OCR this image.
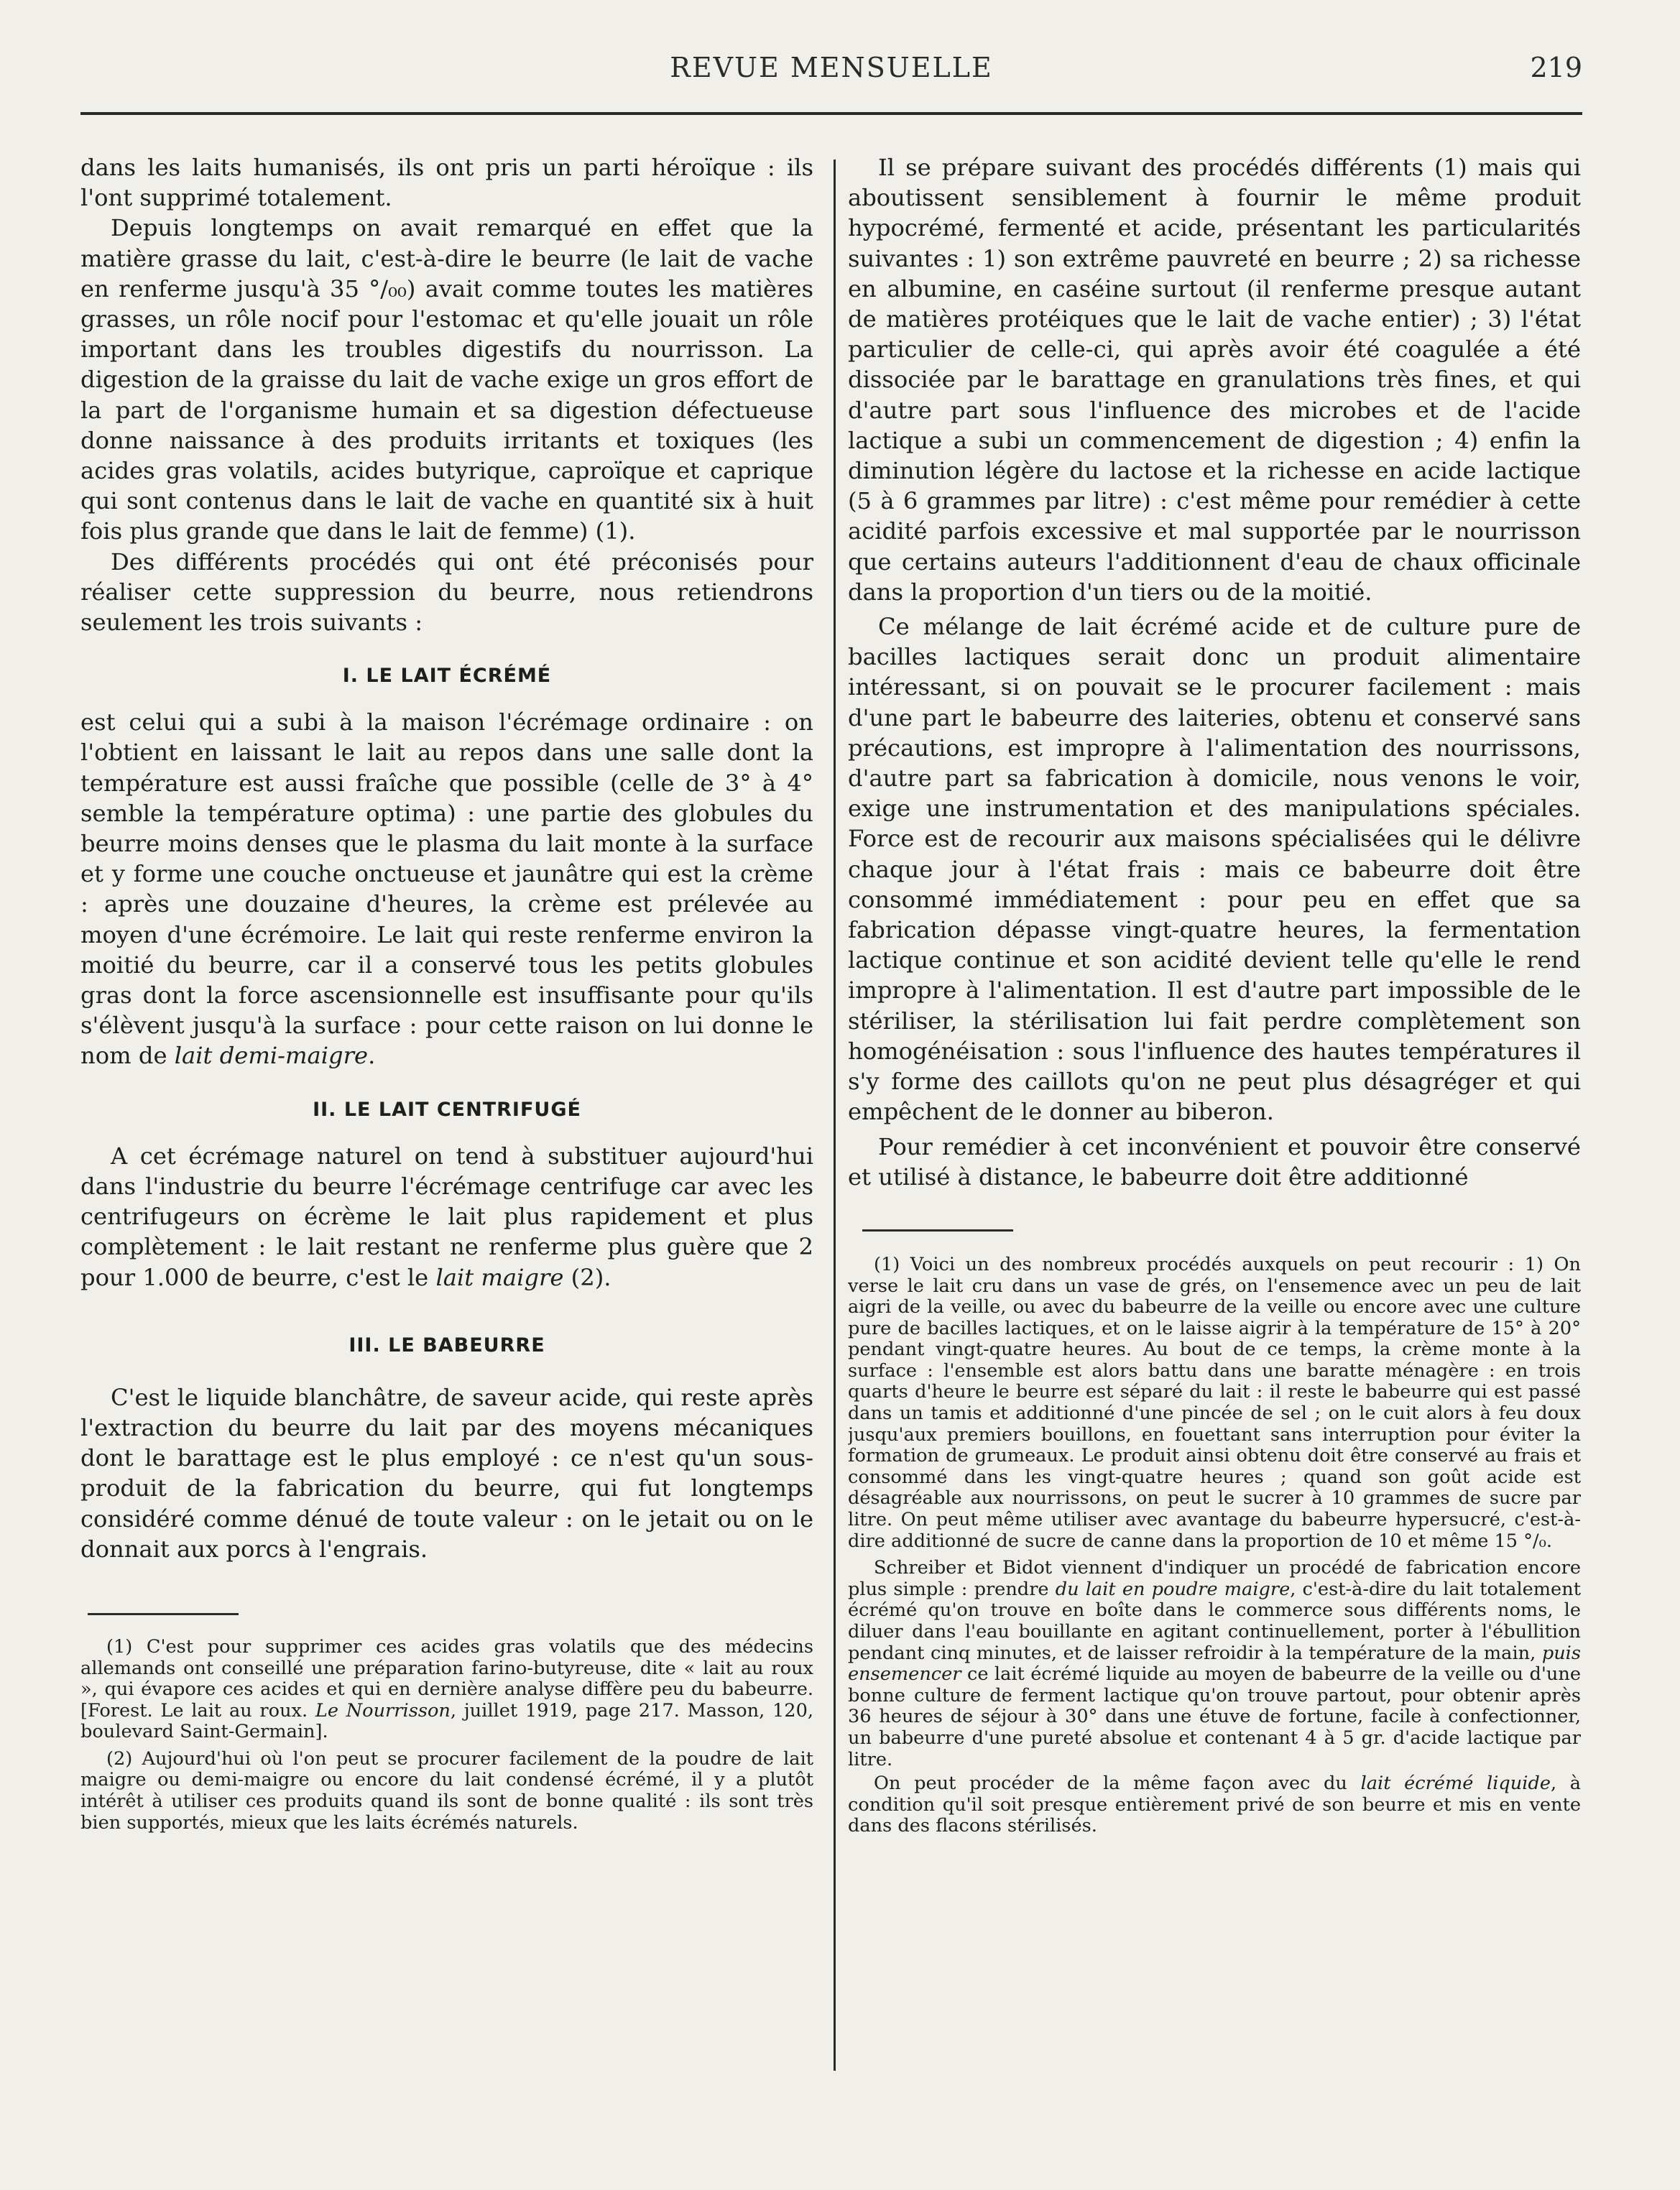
REVUE MENSUELLE	219

dans les laits humanisés, ils ont pris un parti héroïque : ils l'ont supprimé totalement.

Depuis longtemps on avait remarqué en effet que la matière grasse du lait, c'est-à-dire le beurre (le lait de vache en renferme jusqu'à 35 °/₀₀) avait comme toutes les matières grasses, un rôle nocif pour l'estomac et qu'elle jouait un rôle important dans les troubles digestifs du nourrisson. La digestion de la graisse du lait de vache exige un gros effort de la part de l'organisme humain et sa digestion défectueuse donne naissance à des produits irritants et toxiques (les acides gras volatils, acides butyrique, caproïque et caprique qui sont contenus dans le lait de vache en quantité six à huit fois plus grande que dans le lait de femme) (1).

Des différents procédés qui ont été préconisés pour réaliser cette suppression du beurre, nous retiendrons seulement les trois suivants :

I. LE LAIT ÉCRÉMÉ

est celui qui a subi à la maison l'écrémage ordinaire : on l'obtient en laissant le lait au repos dans une salle dont la température est aussi fraîche que possible (celle de 3° à 4° semble la température optima) : une partie des globules du beurre moins denses que le plasma du lait monte à la surface et y forme une couche onctueuse et jaunâtre qui est la crème : après une douzaine d'heures, la crème est prélevée au moyen d'une écrémoire. Le lait qui reste renferme environ la moitié du beurre, car il a conservé tous les petits globules gras dont la force ascensionnelle est insuffisante pour qu'ils s'élèvent jusqu'à la surface : pour cette raison on lui donne le nom de lait demi-maigre.

II. LE LAIT CENTRIFUGÉ

A cet écrémage naturel on tend à substituer aujourd'hui dans l'industrie du beurre l'écrémage centrifuge car avec les centrifugeurs on écrème le lait plus rapidement et plus complètement : le lait restant ne renferme plus guère que 2 pour 1.000 de beurre, c'est le lait maigre (2).

III. LE BABEURRE

C'est le liquide blanchâtre, de saveur acide, qui reste après l'extraction du beurre du lait par des moyens mécaniques dont le barattage est le plus employé : ce n'est qu'un sous-produit de la fabrication du beurre, qui fut longtemps considéré comme dénué de toute valeur : on le jetait ou on le donnait aux porcs à l'engrais.

(1) C'est pour supprimer ces acides gras volatils que des médecins allemands ont conseillé une préparation farino-butyreuse, dite « lait au roux », qui évapore ces acides et qui en dernière analyse diffère peu du babeurre. [Forest. Le lait au roux. Le Nourrisson, juillet 1919, page 217. Masson, 120, boulevard Saint-Germain].

(2) Aujourd'hui où l'on peut se procurer facilement de la poudre de lait maigre ou demi-maigre ou encore du lait condensé écrémé, il y a plutôt intérêt à utiliser ces produits quand ils sont de bonne qualité : ils sont très bien supportés, mieux que les laits écrémés naturels.

Il se prépare suivant des procédés différents (1) mais qui aboutissent sensiblement à fournir le même produit hypocrémé, fermenté et acide, présentant les particularités suivantes : 1) son extrême pauvreté en beurre ; 2) sa richesse en albumine, en caséine surtout (il renferme presque autant de matières protéiques que le lait de vache entier) ; 3) l'état particulier de celle-ci, qui après avoir été coagulée a été dissociée par le barattage en granulations très fines, et qui d'autre part sous l'influence des microbes et de l'acide lactique a subi un commencement de digestion ; 4) enfin la diminution légère du lactose et la richesse en acide lactique (5 à 6 grammes par litre) : c'est même pour remédier à cette acidité parfois excessive et mal supportée par le nourrisson que certains auteurs l'additionnent d'eau de chaux officinale dans la proportion d'un tiers ou de la moitié.

Ce mélange de lait écrémé acide et de culture pure de bacilles lactiques serait donc un produit alimentaire intéressant, si on pouvait se le procurer facilement : mais d'une part le babeurre des laiteries, obtenu et conservé sans précautions, est impropre à l'alimentation des nourrissons, d'autre part sa fabrication à domicile, nous venons le voir, exige une instrumentation et des manipulations spéciales. Force est de recourir aux maisons spécialisées qui le délivre chaque jour à l'état frais : mais ce babeurre doit être consommé immédiatement : pour peu en effet que sa fabrication dépasse vingt-quatre heures, la fermentation lactique continue et son acidité devient telle qu'elle le rend impropre à l'alimentation. Il est d'autre part impossible de le stériliser, la stérilisation lui fait perdre complètement son homogénéisation : sous l'influence des hautes températures il s'y forme des caillots qu'on ne peut plus désagréger et qui empêchent de le donner au biberon.

Pour remédier à cet inconvénient et pouvoir être conservé et utilisé à distance, le babeurre doit être additionné

(1) Voici un des nombreux procédés auxquels on peut recourir : 1) On verse le lait cru dans un vase de grés, on l'ensemence avec un peu de lait aigri de la veille, ou avec du babeurre de la veille ou encore avec une culture pure de bacilles lactiques, et on le laisse aigrir à la température de 15° à 20° pendant vingt-quatre heures. Au bout de ce temps, la crème monte à la surface : l'ensemble est alors battu dans une baratte ménagère : en trois quarts d'heure le beurre est séparé du lait : il reste le babeurre qui est passé dans un tamis et additionné d'une pincée de sel ; on le cuit alors à feu doux jusqu'aux premiers bouillons, en fouettant sans interruption pour éviter la formation de grumeaux. Le produit ainsi obtenu doit être conservé au frais et consommé dans les vingt-quatre heures ; quand son goût acide est désagréable aux nourrissons, on peut le sucrer à 10 grammes de sucre par litre. On peut même utiliser avec avantage du babeurre hypersucré, c'est-à-dire additionné de sucre de canne dans la proportion de 10 et même 15 °/₀.

Schreiber et Bidot viennent d'indiquer un procédé de fabrication encore plus simple : prendre du lait en poudre maigre, c'est-à-dire du lait totalement écrémé qu'on trouve en boîte dans le commerce sous différents noms, le diluer dans l'eau bouillante en agitant continuellement, porter à l'ébullition pendant cinq minutes, et de laisser refroidir à la température de la main, puis ensemencer ce lait écrémé liquide au moyen de babeurre de la veille ou d'une bonne culture de ferment lactique qu'on trouve partout, pour obtenir après 36 heures de séjour à 30° dans une étuve de fortune, facile à confectionner, un babeurre d'une pureté absolue et contenant 4 à 5 gr. d'acide lactique par litre.

On peut procéder de la même façon avec du lait écrémé liquide, à condition qu'il soit presque entièrement privé de son beurre et mis en vente dans des flacons stérilisés.
